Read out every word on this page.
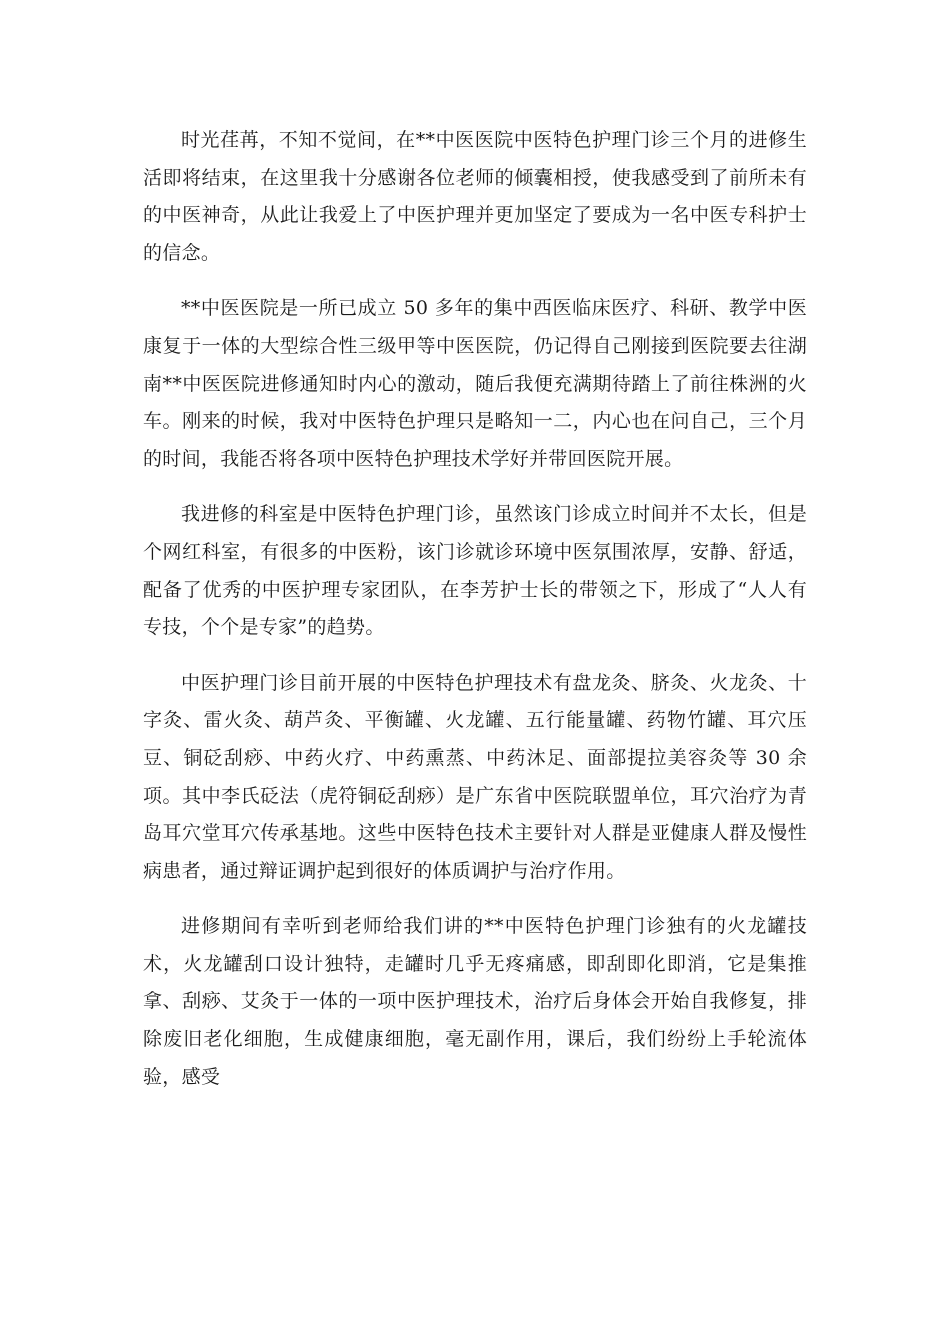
时光荏苒，不知不觉间，在**中医医院中医特色护理门诊三个月的进修生活即将结束，在这里我十分感谢各位老师的倾囊相授，使我感受到了前所未有的中医神奇，从此让我爱上了中医护理并更加坚定了要成为一名中医专科护士的信念。

**中医医院是一所已成立 50 多年的集中西医临床医疗、科研、教学中医康复于一体的大型综合性三级甲等中医医院，仍记得自己刚接到医院要去往湖南**中医医院进修通知时内心的激动，随后我便充满期待踏上了前往株洲的火车。刚来的时候，我对中医特色护理只是略知一二，内心也在问自己，三个月的时间，我能否将各项中医特色护理技术学好并带回医院开展。

我进修的科室是中医特色护理门诊，虽然该门诊成立时间并不太长，但是个网红科室，有很多的中医粉，该门诊就诊环境中医氛围浓厚，安静、舒适，配备了优秀的中医护理专家团队，在李芳护士长的带领之下，形成了“人人有专技，个个是专家”的趋势。

中医护理门诊目前开展的中医特色护理技术有盘龙灸、脐灸、火龙灸、十字灸、雷火灸、葫芦灸、平衡罐、火龙罐、五行能量罐、药物竹罐、耳穴压豆、铜砭刮痧、中药火疗、中药熏蒸、中药沐足、面部提拉美容灸等 30 余项。其中李氏砭法（虎符铜砭刮痧）是广东省中医院联盟单位，耳穴治疗为青岛耳穴堂耳穴传承基地。这些中医特色技术主要针对人群是亚健康人群及慢性病患者，通过辩证调护起到很好的体质调护与治疗作用。

进修期间有幸听到老师给我们讲的**中医特色护理门诊独有的火龙罐技术，火龙罐刮口设计独特，走罐时几乎无疼痛感，即刮即化即消，它是集推拿、刮痧、艾灸于一体的一项中医护理技术，治疗后身体会开始自我修复，排除废旧老化细胞，生成健康细胞，毫无副作用，课后，我们纷纷上手轮流体验，感受
